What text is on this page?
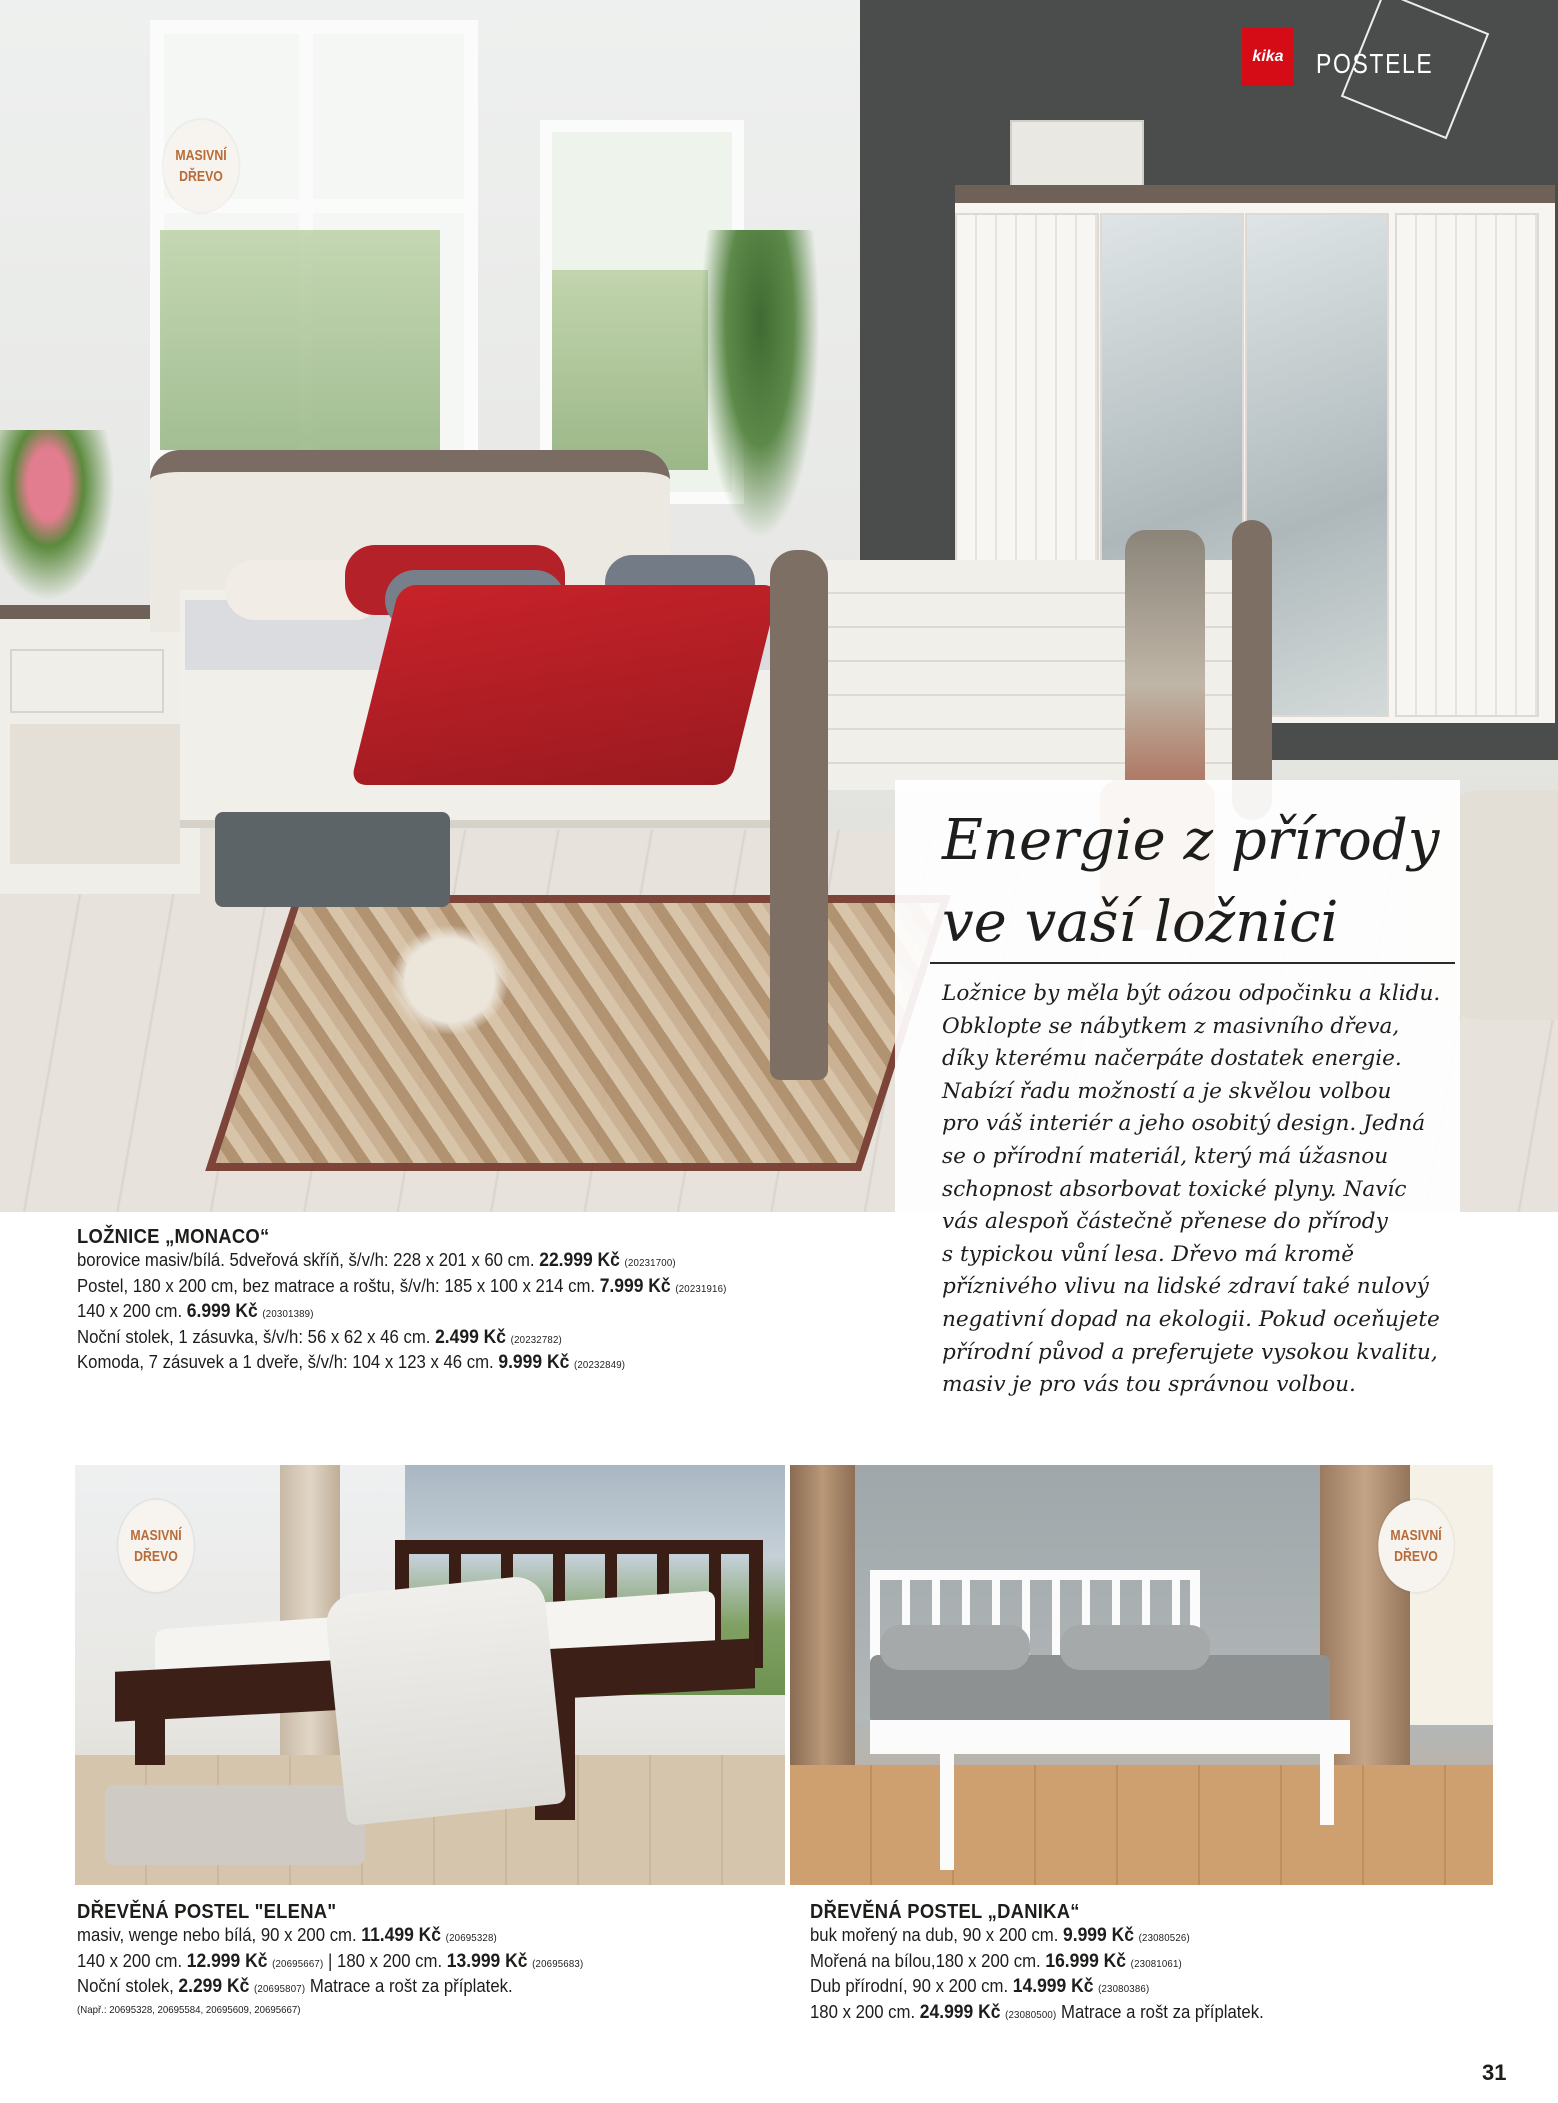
kika POSTELE
MASIVNÍ
DŘEVO
Energie z přírody
ve vaší ložnici

Ložnice by měla být oázou odpočinku a klidu.
Obklopte se nábytkem z masivního dřeva,
díky kterému načerpáte dostatek energie.
Nabízí řadu možností a je skvělou volbou
pro váš interiér a jeho osobitý design. Jedná
se o přírodní materiál, který má úžasnou
schopnost absorbovat toxické plyny. Navíc
vás alespoň částečně přenese do přírody
s typickou vůní lesa. Dřevo má kromě
příznivého vlivu na lidské zdraví také nulový
negativní dopad na ekologii. Pokud oceňujete
přírodní původ a preferujete vysokou kvalitu,
masiv je pro vás tou správnou volbou.

LOŽNICE „MONACO“
borovice masiv/bílá. 5dveřová skříň, š/v/h: 228 x 201 x 60 cm. 22.999 Kč (20231700)
Postel, 180 x 200 cm, bez matrace a roštu, š/v/h: 185 x 100 x 214 cm. 7.999 Kč (20231916)
140 x 200 cm. 6.999 Kč (20301389)
Noční stolek, 1 zásuvka, š/v/h: 56 x 62 x 46 cm. 2.499 Kč (20232782)
Komoda, 7 zásuvek a 1 dveře, š/v/h: 104 x 123 x 46 cm. 9.999 Kč (20232849)
MASIVNÍ
DŘEVO
MASIVNÍ
DŘEVO
DŘEVĚNÁ POSTEL "ELENA"
masiv, wenge nebo bílá, 90 x 200 cm. 11.499 Kč (20695328)
140 x 200 cm. 12.999 Kč (20695667) | 180 x 200 cm. 13.999 Kč (20695683)
Noční stolek, 2.299 Kč (20695807) Matrace a rošt za příplatek.
(Např.: 20695328, 20695584, 20695609, 20695667)
DŘEVĚNÁ POSTEL „DANIKA“
buk mořený na dub, 90 x 200 cm. 9.999 Kč (23080526)
Mořená na bílou,180 x 200 cm. 16.999 Kč (23081061)
Dub přírodní, 90 x 200 cm. 14.999 Kč (23080386)
180 x 200 cm. 24.999 Kč (23080500) Matrace a rošt za příplatek.
31
